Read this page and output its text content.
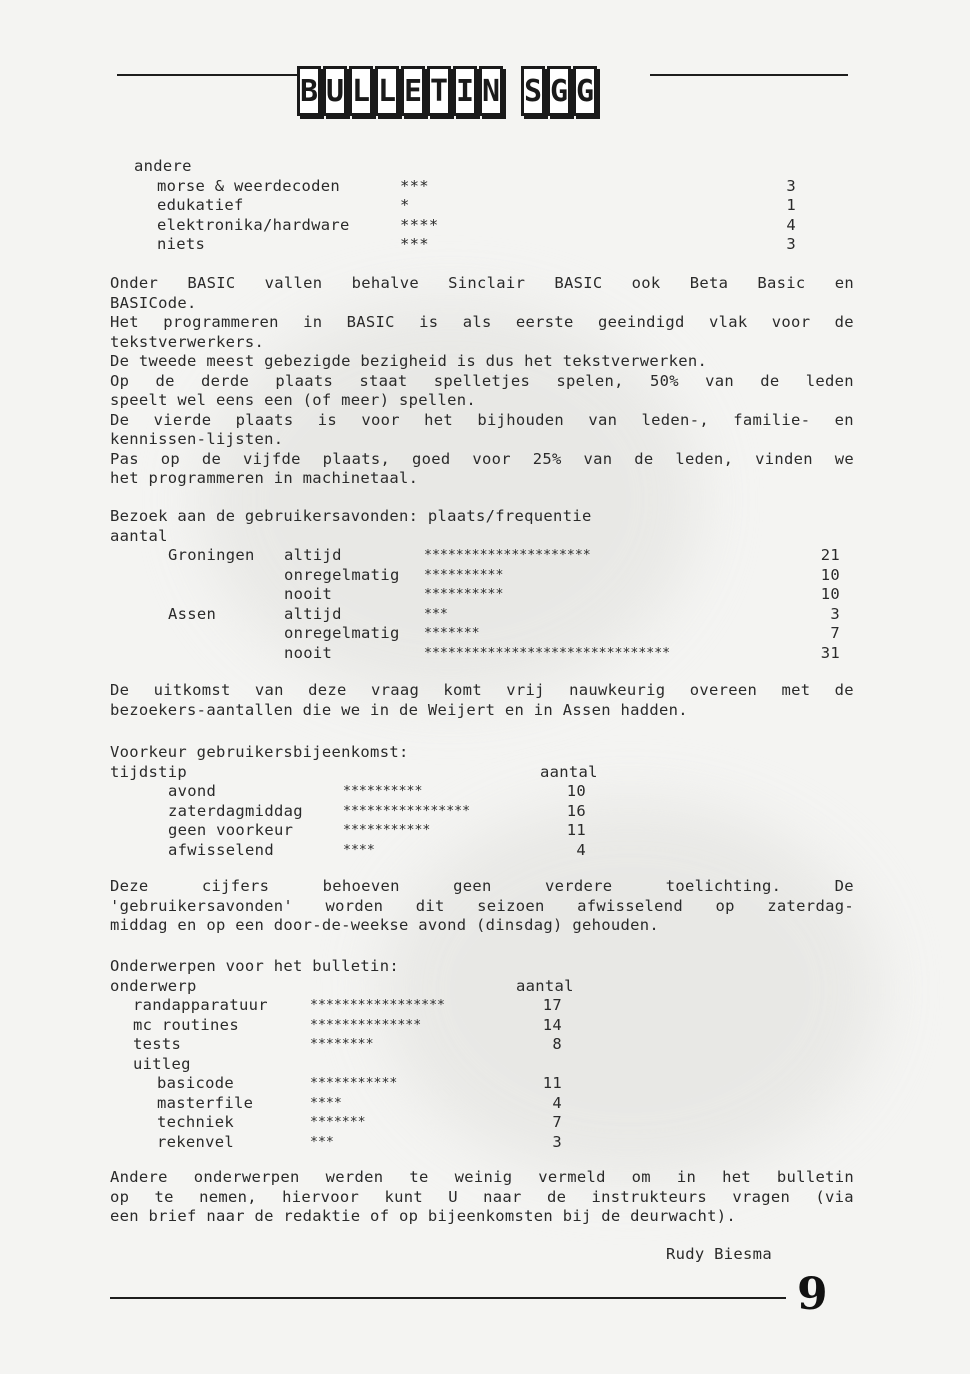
B U L L E T I N S G G
andere
morse & weerdecoden	***	3
edukatief	*	1
elektronika/hardware	****	4
niets	***	3
Onder BASIC vallen behalve Sinclair BASIC ook Beta Basic en
BASICode.
Het programmeren in BASIC is als eerste geeindigd vlak voor de
tekstverwerkers.
De tweede meest gebezigde bezigheid is dus het tekstverwerken.
Op de derde plaats staat spelletjes spelen, 50% van de leden
speelt wel eens een (of meer) spellen.
De vierde plaats is voor het bijhouden van leden-, familie- en
kennissen-lijsten.
Pas op de vijfde plaats, goed voor 25% van de leden, vinden we
het programmeren in machinetaal.
Bezoek aan de gebruikersavonden: plaats/frequentie
aantal
Groningen altijd	*********************	21
onregelmatig **********	10
nooit	**********	10
Assen	altijd	***	3
onregelmatig *******	7
nooit	*******************************	31
De uitkomst van deze vraag komt vrij nauwkeurig overeen met de
bezoekers-aantallen die we in de Weijert en in Assen hadden.
Voorkeur gebruikersbijeenkomst:
tijdstip	aantal
avond	**********	10
zaterdagmiddag	****************	16
geen voorkeur	***********	11
afwisselend	****	4
Deze	cijfers	behoeven	geen	verdere	toelichting.	De
'gebruikersavonden' worden dit seizoen afwisselend op zaterdag-
middag en op een door-de-weekse avond (dinsdag) gehouden.
Onderwerpen voor het bulletin:
onderwerp	aantal
randapparatuur	*****************	17
mc routines	**************	14
tests	********	8
uitleg
basicode	***********	11
masterfile	****	4
techniek	*******	7
rekenvel	***	3
Andere onderwerpen werden te weinig vermeld om in het bulletin
op te nemen, hiervoor kunt U naar de instrukteurs vragen (via
een brief naar de redaktie of op bijeenkomsten bij de deurwacht).
Rudy Biesma
9
